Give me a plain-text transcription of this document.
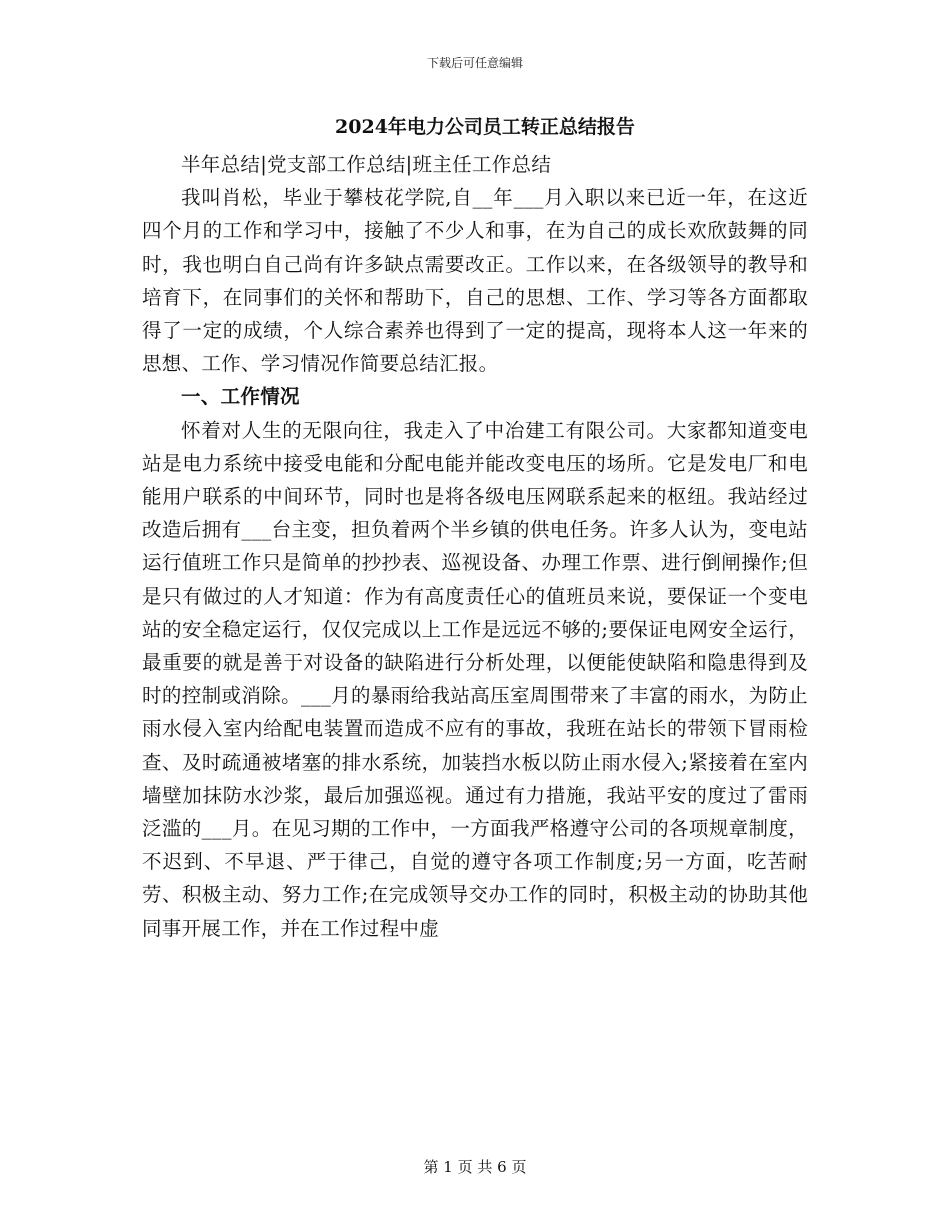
下载后可任意编辑
2024年电力公司员工转正总结报告

半年总结|党支部工作总结|班主任工作总结

我叫肖松，毕业于攀枝花学院,自__年___月入职以来已近一年，在这近四个月的工作和学习中，接触了不少人和事，在为自己的成长欢欣鼓舞的同时，我也明白自己尚有许多缺点需要改正。工作以来，在各级领导的教导和培育下，在同事们的关怀和帮助下，自己的思想、工作、学习等各方面都取得了一定的成绩，个人综合素养也得到了一定的提高，现将本人这一年来的思想、工作、学习情况作简要总结汇报。

一、工作情况

怀着对人生的无限向往，我走入了中冶建工有限公司。大家都知道变电站是电力系统中接受电能和分配电能并能改变电压的场所。它是发电厂和电能用户联系的中间环节，同时也是将各级电压网联系起来的枢纽。我站经过改造后拥有___台主变，担负着两个半乡镇的供电任务。许多人认为，变电站运行值班工作只是简单的抄抄表、巡视设备、办理工作票、进行倒闸操作;但是只有做过的人才知道：作为有高度责任心的值班员来说，要保证一个变电站的安全稳定运行，仅仅完成以上工作是远远不够的;要保证电网安全运行，最重要的就是善于对设备的缺陷进行分析处理，以便能使缺陷和隐患得到及时的控制或消除。___月的暴雨给我站高压室周围带来了丰富的雨水，为防止雨水侵入室内给配电装置而造成不应有的事故，我班在站长的带领下冒雨检查、及时疏通被堵塞的排水系统，加装挡水板以防止雨水侵入;紧接着在室内墙壁加抹防水沙浆，最后加强巡视。通过有力措施，我站平安的度过了雷雨泛滥的___月。在见习期的工作中，一方面我严格遵守公司的各项规章制度，不迟到、不早退、严于律己，自觉的遵守各项工作制度;另一方面，吃苦耐劳、积极主动、努力工作;在完成领导交办工作的同时，积极主动的协助其他同事开展工作，并在工作过程中虚

第 1 页 共 6 页
